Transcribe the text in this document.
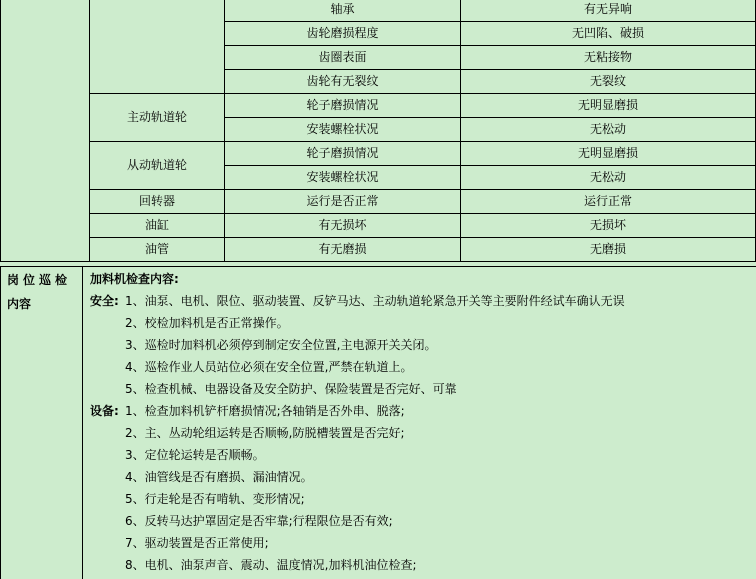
		轴承	有无异响
		齿轮磨损程度	无凹陷、破损
		齿圈表面	无粘接物
		齿轮有无裂纹	无裂纹
	主动轨道轮	轮子磨损情况	无明显磨损
		安装螺栓状况	无松动
	从动轨道轮	轮子磨损情况	无明显磨损
		安装螺栓状况	无松动
	回转器	运行是否正常	运行正常
	油缸	有无损坏	无损坏
	油管	有无磨损	无磨损
岗位巡检
内容
加料机检查内容:
安全: 1、油泵、电机、限位、驱动装置、反铲马达、主动轨道轮紧急开关等主要附件经试车确认无误
2、校检加料机是否正常操作。
3、巡检时加料机必须停到制定安全位置,主电源开关关闭。
4、巡检作业人员站位必须在安全位置,严禁在轨道上。
5、检查机械、电器设备及安全防护、保险装置是否完好、可靠
设备: 1、检查加料机铲杆磨损情况;各轴销是否外串、脱落;
2、主、丛动轮组运转是否顺畅,防脱槽装置是否完好;
3、定位轮运转是否顺畅。
4、油管线是否有磨损、漏油情况。
5、行走轮是否有啃轨、变形情况;
6、反转马达护罩固定是否牢靠;行程限位是否有效;
7、驱动装置是否正常使用;
8、电机、油泵声音、震动、温度情况,加料机油位检查;
